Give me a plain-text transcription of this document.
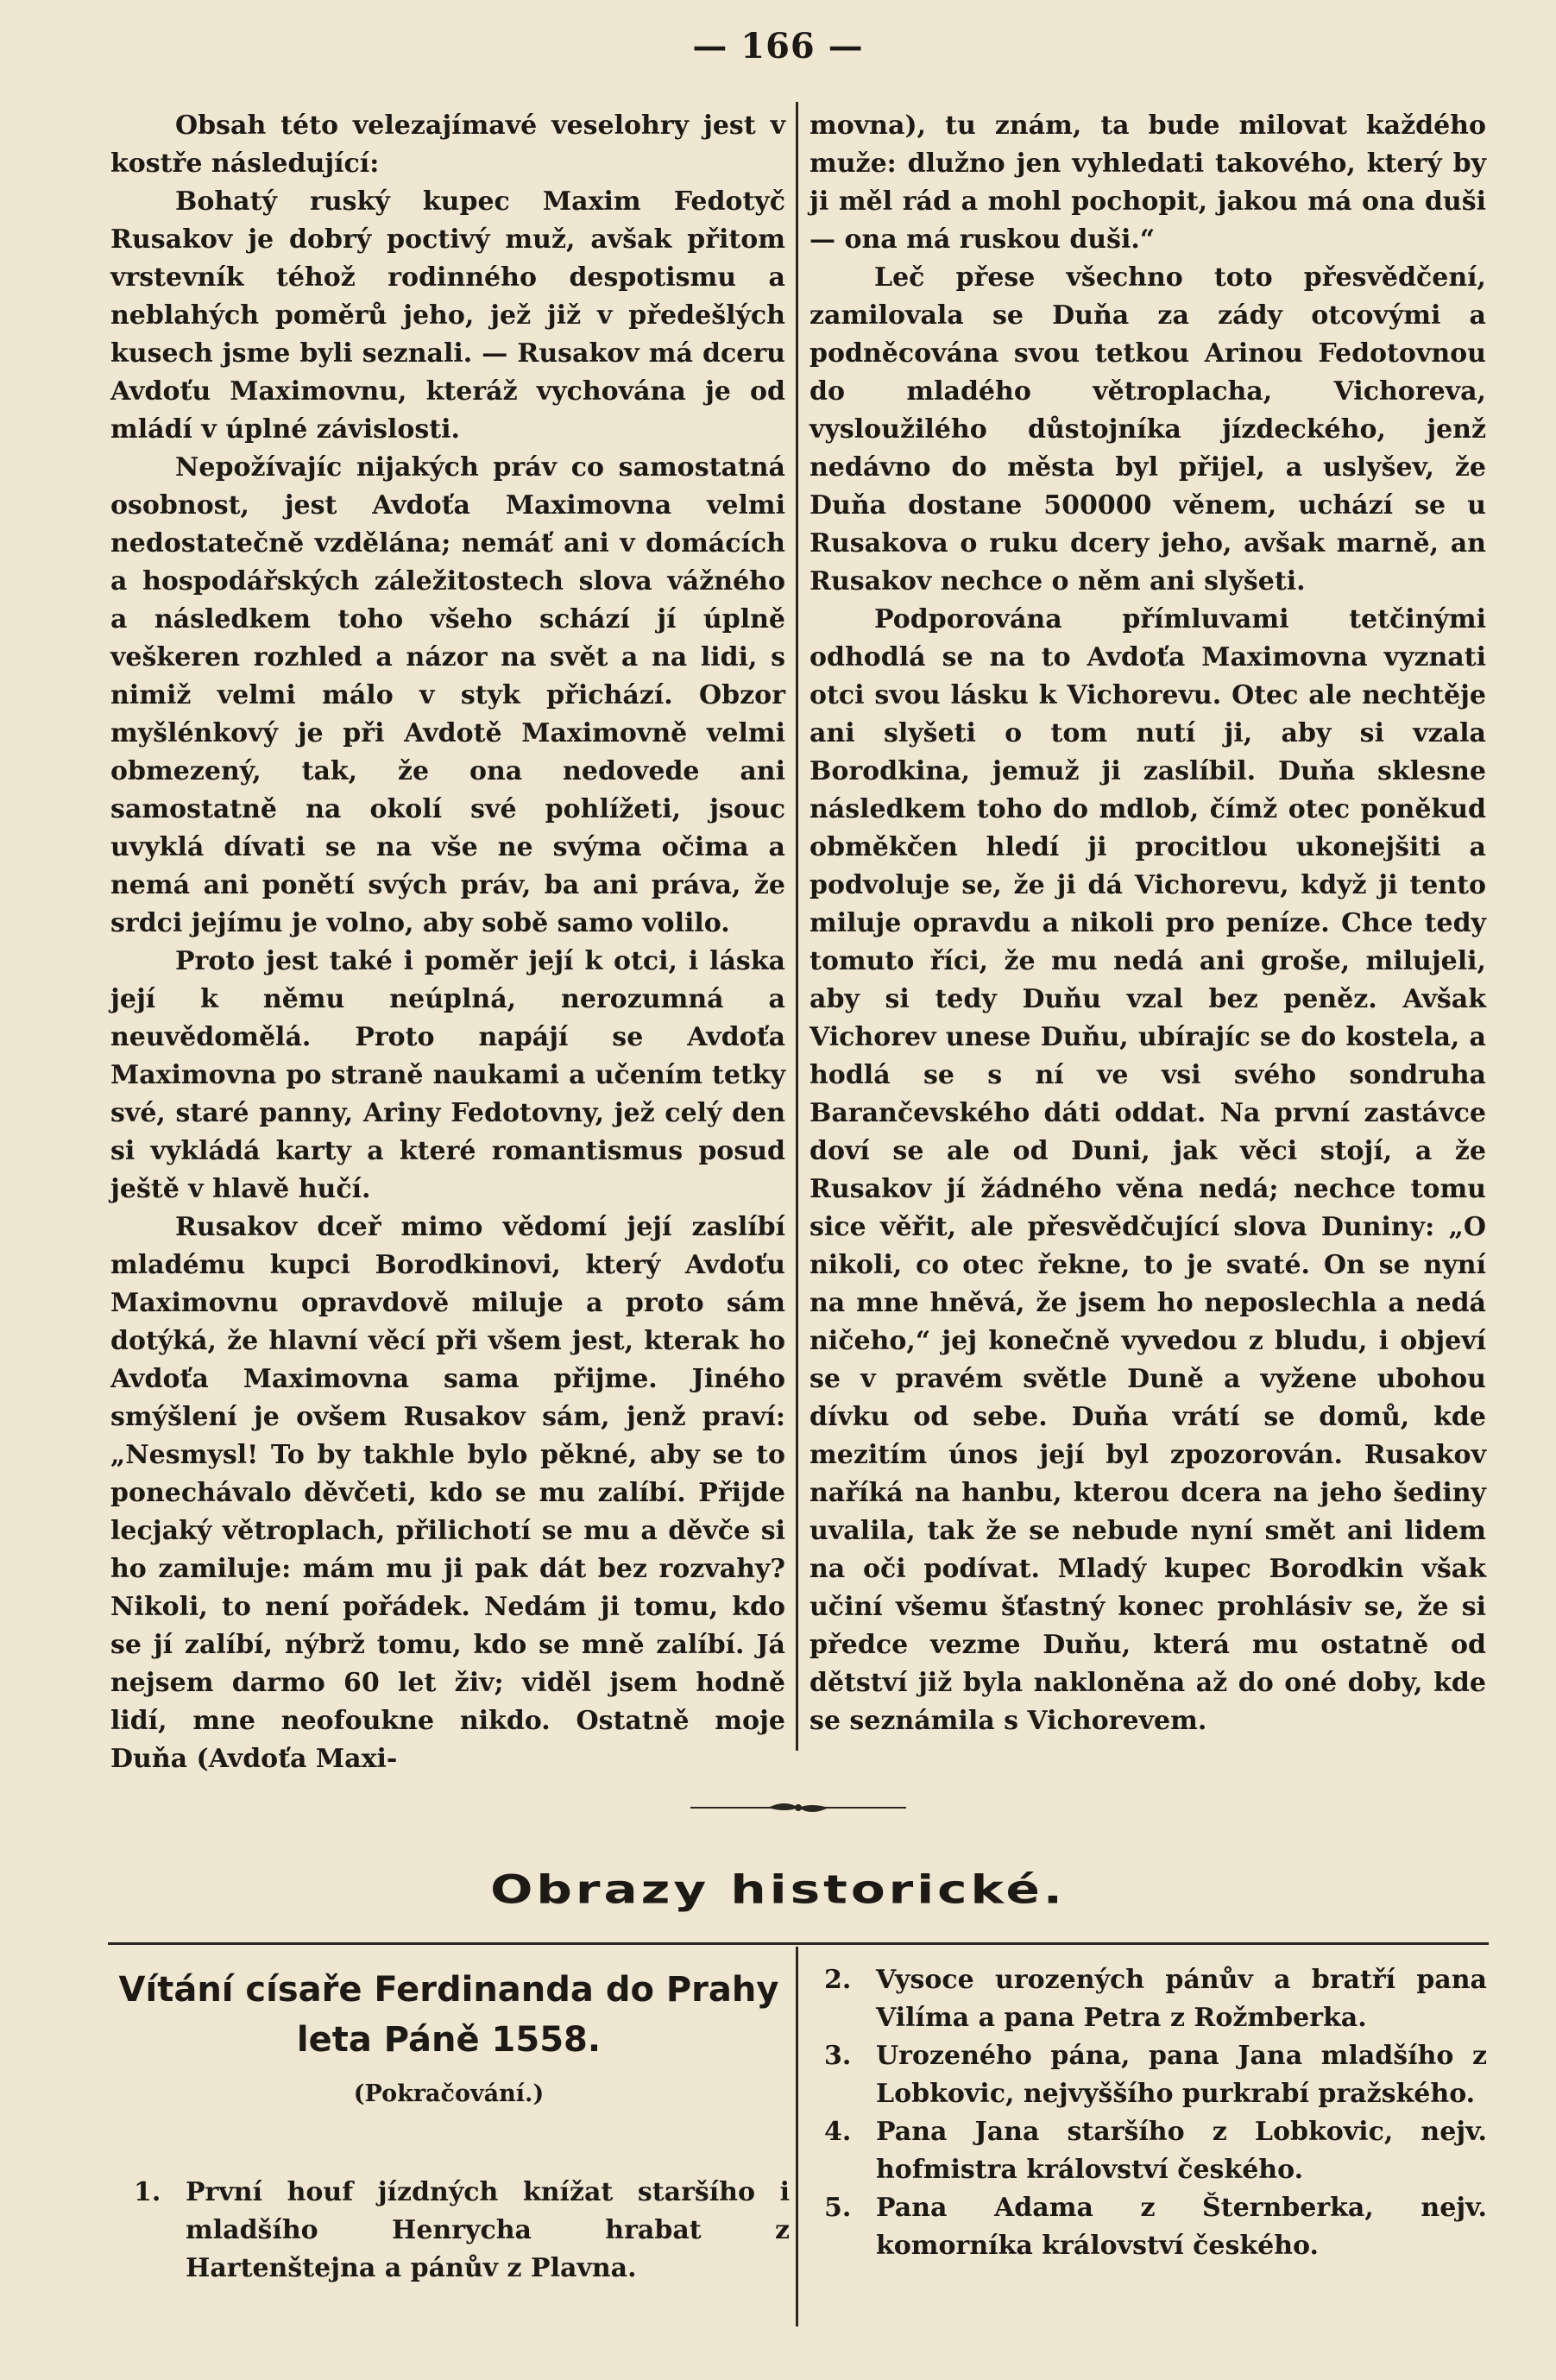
— 166 —

Obsah této velezajímavé veselohry jest v kostře následující:

Bohatý ruský kupec Maxim Fedotyč Rusakov je dobrý poctivý muž, avšak přitom vrstevník téhož rodinného despotismu a neblahých poměrů jeho, jež již v předešlých kusech jsme byli seznali. — Rusakov má dceru Avdoťu Maximovnu, kteráž vychována je od mládí v úplné závislosti.

Nepožívajíc nijakých práv co samostatná osobnost, jest Avdoťa Maximovna velmi nedostatečně vzdělána; nemáť ani v domácích a hospodářských záležitostech slova vážného a následkem toho všeho schází jí úplně veškeren rozhled a názor na svět a na lidi, s nimiž velmi málo v styk přichází. Obzor myšlénkový je při Avdotě Maximovně velmi obmezený, tak, že ona nedovede ani samostatně na okolí své pohlížeti, jsouc uvyklá dívati se na vše ne svýma očima a nemá ani ponětí svých práv, ba ani práva, že srdci jejímu je volno, aby sobě samo volilo.

Proto jest také i poměr její k otci, i láska její k němu neúplná, nerozumná a neuvědomělá. Proto napájí se Avdoťa Maximovna po straně naukami a učením tetky své, staré panny, Ariny Fedotovny, jež celý den si vykládá karty a které romantismus posud ještě v hlavě hučí.

Rusakov dceř mimo vědomí její zaslíbí mladému kupci Borodkinovi, který Avdoťu Maximovnu opravdově miluje a proto sám dotýká, že hlavní věcí při všem jest, kterak ho Avdoťa Maximovna sama přijme. Jiného smýšlení je ovšem Rusakov sám, jenž praví: „Nesmysl! To by takhle bylo pěkné, aby se to ponechávalo děvčeti, kdo se mu zalíbí. Přijde lecjaký větroplach, přilichotí se mu a děvče si ho zamiluje: mám mu ji pak dát bez rozvahy? Nikoli, to není pořádek. Nedám ji tomu, kdo se jí zalíbí, nýbrž tomu, kdo se mně zalíbí. Já nejsem darmo 60 let živ; viděl jsem hodně lidí, mne neofoukne nikdo. Ostatně moje Duňa (Avdoťa Maxi-

movna), tu znám, ta bude milovat každého muže: dlužno jen vyhledati takového, který by ji měl rád a mohl pochopit, jakou má ona duši — ona má ruskou duši.“

Leč přese všechno toto přesvědčení, zamilovala se Duňa za zády otcovými a podněcována svou tetkou Arinou Fedotovnou do mladého větroplacha, Vichoreva, vysloužilého důstojníka jízdeckého, jenž nedávno do města byl přijel, a uslyšev, že Duňa dostane 500000 věnem, uchází se u Rusakova o ruku dcery jeho, avšak marně, an Rusakov nechce o něm ani slyšeti.

Podporována přímluvami tetčinými odhodlá se na to Avdoťa Maximovna vyznati otci svou lásku k Vichorevu. Otec ale nechtěje ani slyšeti o tom nutí ji, aby si vzala Borodkina, jemuž ji zaslíbil. Duňa sklesne následkem toho do mdlob, čímž otec poněkud obměkčen hledí ji procitlou ukonejšiti a podvoluje se, že ji dá Vichorevu, když ji tento miluje opravdu a nikoli pro peníze. Chce tedy tomuto říci, že mu nedá ani groše, milujeli, aby si tedy Duňu vzal bez peněz. Avšak Vichorev unese Duňu, ubírajíc se do kostela, a hodlá se s ní ve vsi svého sondruha Barančevského dáti oddat. Na první zastávce doví se ale od Duni, jak věci stojí, a že Rusakov jí žádného věna nedá; nechce tomu sice věřit, ale přesvědčující slova Duniny: „O nikoli, co otec řekne, to je svaté. On se nyní na mne hněvá, že jsem ho neposlechla a nedá ničeho,“ jej konečně vyvedou z bludu, i objeví se v pravém světle Duně a vyžene ubohou dívku od sebe. Duňa vrátí se domů, kde mezitím únos její byl zpozorován. Rusakov naříká na hanbu, kterou dcera na jeho šediny uvalila, tak že se nebude nyní smět ani lidem na oči podívat. Mladý kupec Borodkin však učiní všemu šťastný konec prohlásiv se, že si předce vezme Duňu, která mu ostatně od dětství již byla nakloněna až do oné doby, kde se seznámila s Vichorevem.

Obrazy historické.
Vítání císaře Ferdinanda do Prahy
leta Páně 1558.
(Pokračování.)
1. První houf jízdných knížat staršího i mladšího Henrycha hrabat z Hartenštejna a pánův z Plavna.
2. Vysoce urozených pánův a bratří pana Vilíma a pana Petra z Rožmberka.
3. Urozeného pána, pana Jana mladšího z Lobkovic, nejvyššího purkrabí pražského.
4. Pana Jana staršího z Lobkovic, nejv. hofmistra království českého.
5. Pana Adama z Šternberka, nejv. komorníka království českého.
